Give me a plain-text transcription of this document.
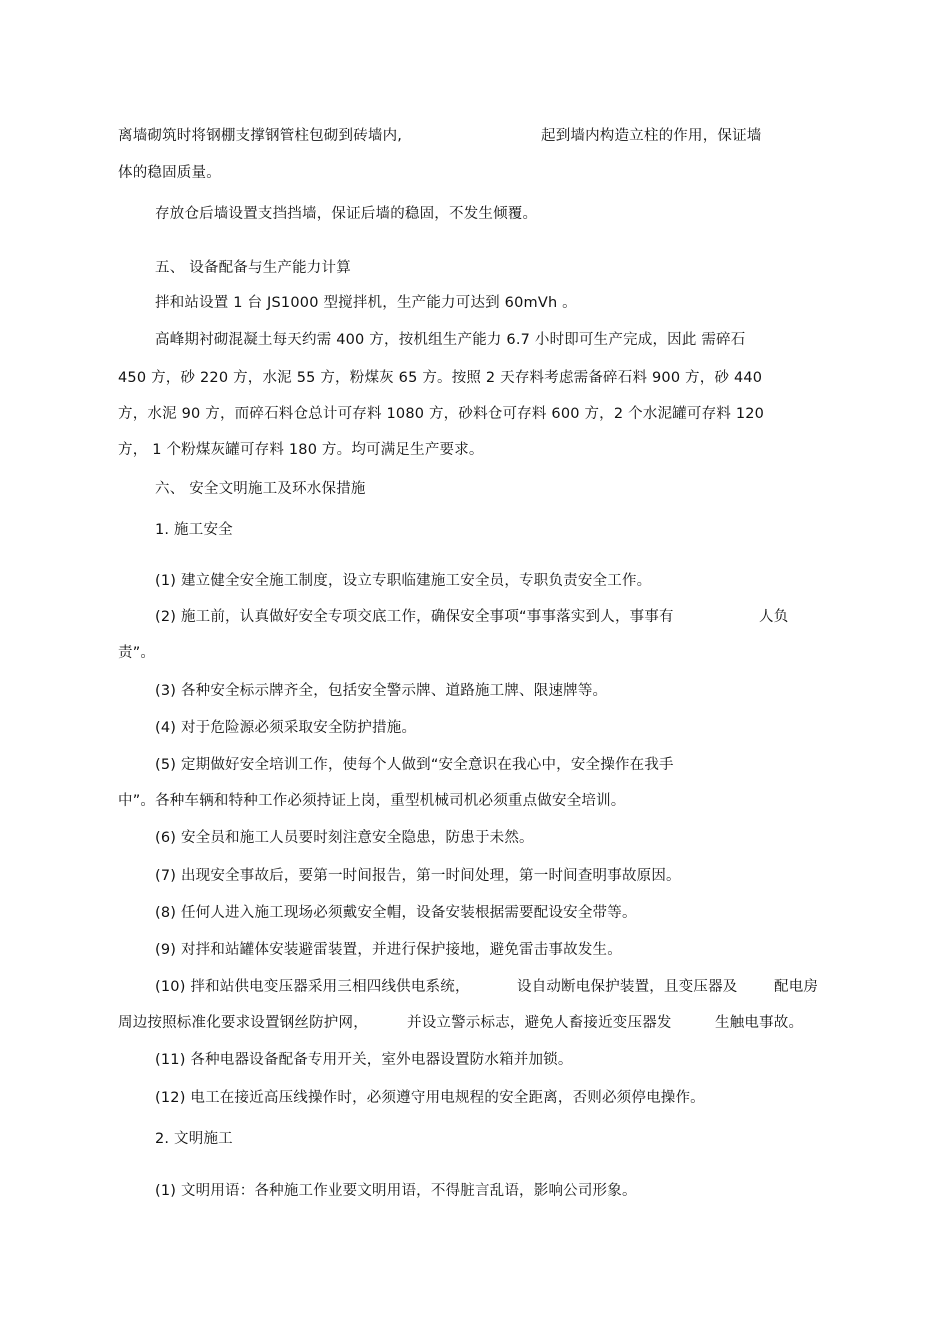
离墙砌筑时将钢棚支撑钢管柱包砌到砖墙内,	起到墙内构造立柱的作用，保证墙
体的稳固质量。
存放仓后墙设置支挡挡墙，保证后墙的稳固，不发生倾覆。
五、 设备配备与生产能力计算
拌和站设置 1 台 JS1000 型搅拌机，生产能力可达到 60mVh 。
高峰期衬砌混凝土每天约需 400 方，按机组生产能力 6.7 小时即可生产完成，因此 需碎石
450 方，砂 220 方，水泥 55 方，粉煤灰 65 方。按照 2 天存料考虑需备碎石料 900 方，砂 440
方，水泥 90 方，而碎石料仓总计可存料 1080 方，砂料仓可存料 600 方，2 个水泥罐可存料 120
方， 1 个粉煤灰罐可存料 180 方。均可满足生产要求。
六、 安全文明施工及环水保措施
1. 施工安全
(1) 建立健全安全施工制度，设立专职临建施工安全员，专职负责安全工作。
(2) 施工前，认真做好安全专项交底工作，确保安全事项“事事落实到人，事事有	人负
责”。
(3) 各种安全标示牌齐全，包括安全警示牌、道路施工牌、限速牌等。
(4) 对于危险源必须采取安全防护措施。
(5) 定期做好安全培训工作，使每个人做到“安全意识在我心中，安全操作在我手
中”。各种车辆和特种工作必须持证上岗，重型机械司机必须重点做安全培训。
(6) 安全员和施工人员要时刻注意安全隐患，防患于未然。
(7) 出现安全事故后，要第一时间报告，第一时间处理，第一时间查明事故原因。
(8) 任何人进入施工现场必须戴安全帽，设备安装根据需要配设安全带等。
(9) 对拌和站罐体安装避雷装置，并进行保护接地，避免雷击事故发生。
(10) 拌和站供电变压器采用三相四线供电系统，	设自动断电保护装置，且变压器及	配电房
周边按照标准化要求设置钢丝防护网，	并设立警示标志，避免人畜接近变压器发	生触电事故。
(11) 各种电器设备配备专用开关，室外电器设置防水箱并加锁。
(12) 电工在接近高压线操作时，必须遵守用电规程的安全距离，否则必须停电操作。
2. 文明施工
(1) 文明用语：各种施工作业要文明用语，不得脏言乱语，影响公司形象。
